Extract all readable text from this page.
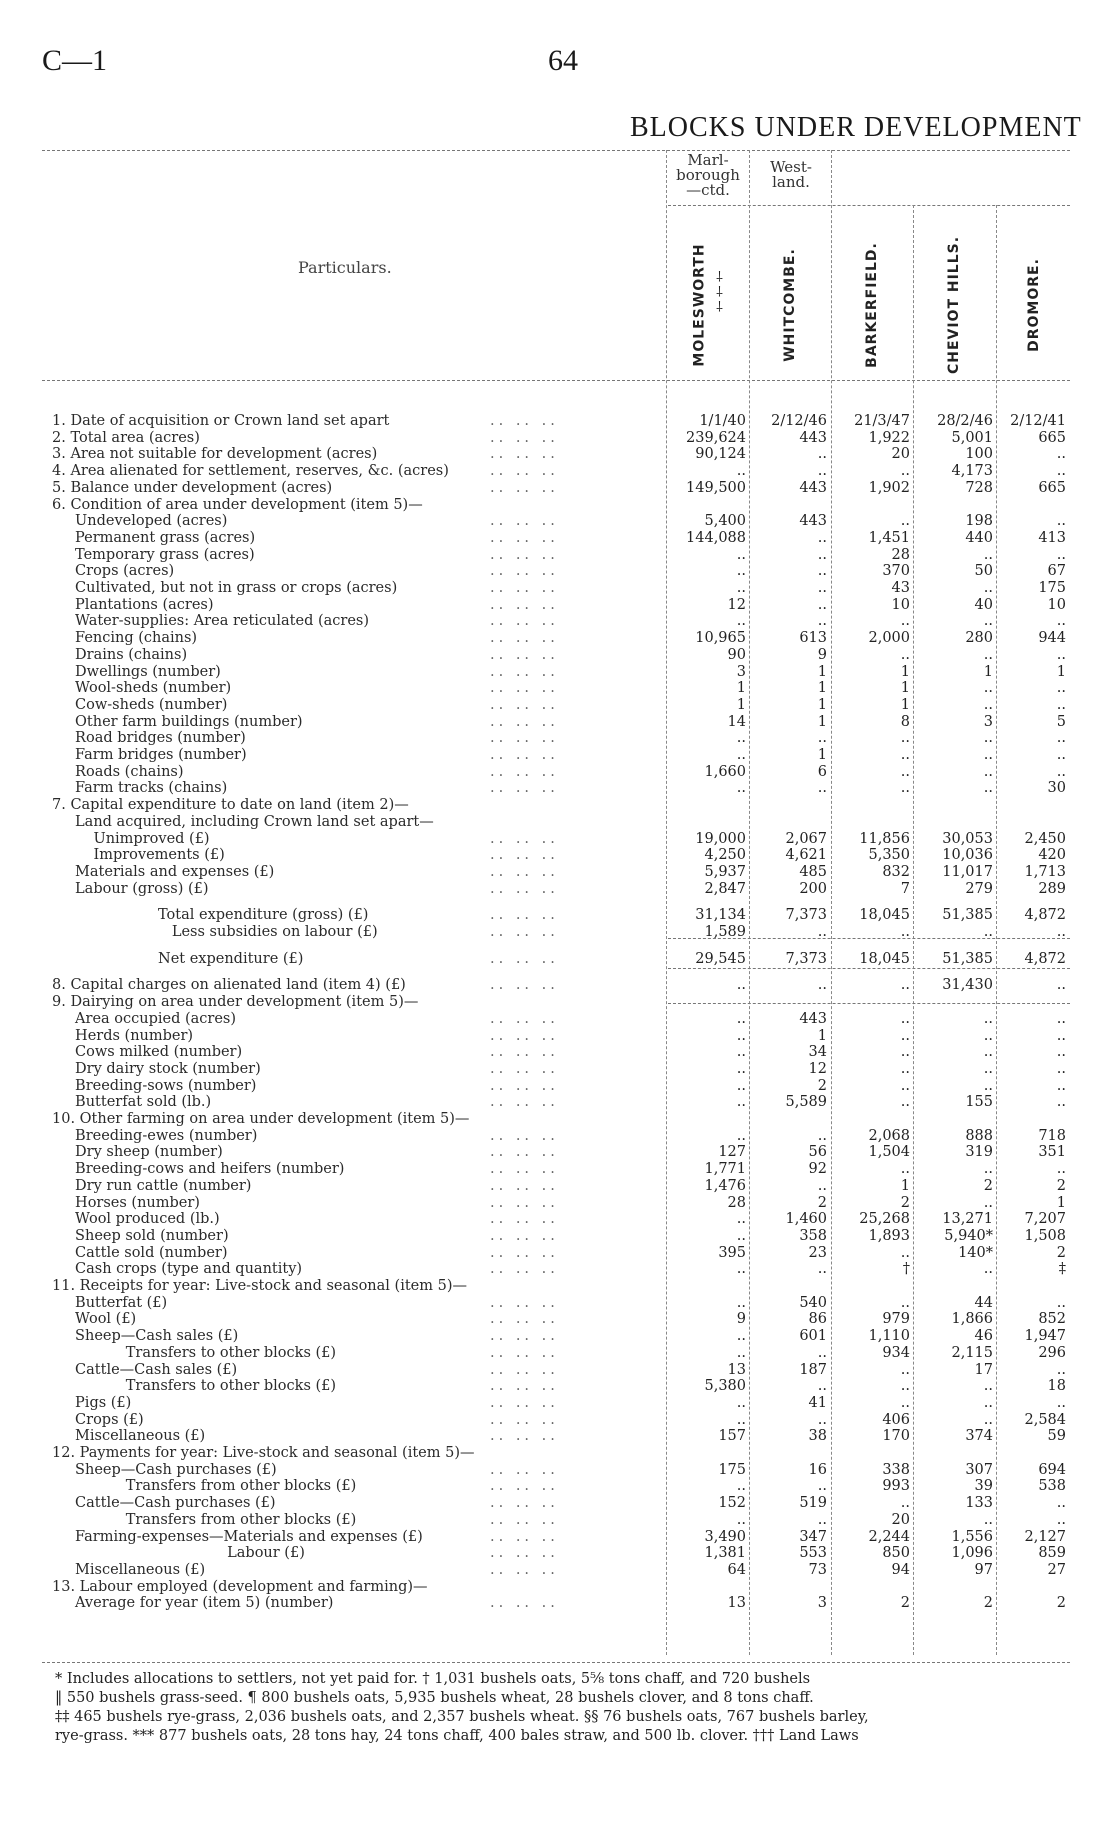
C—1	64
BLOCKS UNDER DEVELOPMENT
Marl-
borough
—ctd.
West-
land.
Particulars.	MOLESWORTH †††	WHITCOMBE.	BARKERFIELD.	CHEVIOT HILLS.	DROMORE.
1. Date of acquisition or Crown land set apart	.. .. ..	1/1/40	2/12/46	21/3/47	28/2/46	2/12/41
2. Total area (acres)	.. .. ..	239,624	443	1,922	5,001	665
3. Area not suitable for development (acres)	.. .. ..	90,124	..	20	100	..
4. Area alienated for settlement, reserves, &c. (acres)	.. .. ..	..	..	..	4,173	..
5. Balance under development (acres)	.. .. ..	149,500	443	1,902	728	665
6. Condition of area under development (item 5)—
Undeveloped (acres)	.. .. ..	5,400	443	..	198	..
Permanent grass (acres)	.. .. ..	144,088	..	1,451	440	413
Temporary grass (acres)	.. .. ..	..	..	28	..	..
Crops (acres)	.. .. ..	..	..	370	50	67
Cultivated, but not in grass or crops (acres)	.. .. ..	..	..	43	..	175
Plantations (acres)	.. .. ..	12	..	10	40	10
Water-supplies: Area reticulated (acres)	.. .. ..	..	..	..	..	..
Fencing (chains)	.. .. ..	10,965	613	2,000	280	944
Drains (chains)	.. .. ..	90	9	..	..	..
Dwellings (number)	.. .. ..	3	1	1	1	1
Wool-sheds (number)	.. .. ..	1	1	1	..	..
Cow-sheds (number)	.. .. ..	1	1	1	..	..
Other farm buildings (number)	.. .. ..	14	1	8	3	5
Road bridges (number)	.. .. ..	..	..	..	..	..
Farm bridges (number)	.. .. ..	..	1	..	..	..
Roads (chains)	.. .. ..	1,660	6	..	..	..
Farm tracks (chains)	.. .. ..	..	..	..	..	30
7. Capital expenditure to date on land (item 2)—
Land acquired, including Crown land set apart—
Unimproved (£)	.. .. ..	19,000	2,067	11,856	30,053	2,450
Improvements (£)	.. .. ..	4,250	4,621	5,350	10,036	420
Materials and expenses (£)	.. .. ..	5,937	485	832	11,017	1,713
Labour (gross) (£)	.. .. ..	2,847	200	7	279	289
Total expenditure (gross) (£)	.. .. ..	31,134	7,373	18,045	51,385	4,872
Less subsidies on labour (£)	.. .. ..	1,589	..	..	..	..
Net expenditure (£)	.. .. ..	29,545	7,373	18,045	51,385	4,872
8. Capital charges on alienated land (item 4) (£)	.. .. ..	..	..	..	31,430	..
9. Dairying on area under development (item 5)—
Area occupied (acres)	.. .. ..	..	443	..	..	..
Herds (number)	.. .. ..	..	1	..	..	..
Cows milked (number)	.. .. ..	..	34	..	..	..
Dry dairy stock (number)	.. .. ..	..	12	..	..	..
Breeding-sows (number)	.. .. ..	..	2	..	..	..
Butterfat sold (lb.)	.. .. ..	..	5,589	..	155	..
10. Other farming on area under development (item 5)—
Breeding-ewes (number)	.. .. ..	..	..	2,068	888	718
Dry sheep (number)	.. .. ..	127	56	1,504	319	351
Breeding-cows and heifers (number)	.. .. ..	1,771	92	..	..	..
Dry run cattle (number)	.. .. ..	1,476	..	1	2	2
Horses (number)	.. .. ..	28	2	2	..	1
Wool produced (lb.)	.. .. ..	..	1,460	25,268	13,271	7,207
Sheep sold (number)	.. .. ..	..	358	1,893	5,940*	1,508
Cattle sold (number)	.. .. ..	395	23	..	140*	2
Cash crops (type and quantity)	.. .. ..	..	..	†	..	‡
11. Receipts for year: Live-stock and seasonal (item 5)—
Butterfat (£)	.. .. ..	..	540	..	44	..
Wool (£)	.. .. ..	9	86	979	1,866	852
Sheep—Cash sales (£)	.. .. ..	..	601	1,110	46	1,947
Transfers to other blocks (£)	.. .. ..	..	..	934	2,115	296
Cattle—Cash sales (£)	.. .. ..	13	187	..	17	..
Transfers to other blocks (£)	.. .. ..	5,380	..	..	..	18
Pigs (£)	.. .. ..	..	41	..	..	..
Crops (£)	.. .. ..	..	..	406	..	2,584
Miscellaneous (£)	.. .. ..	157	38	170	374	59
12. Payments for year: Live-stock and seasonal (item 5)—
Sheep—Cash purchases (£)	.. .. ..	175	16	338	307	694
Transfers from other blocks (£)	.. .. ..	..	..	993	39	538
Cattle—Cash purchases (£)	.. .. ..	152	519	..	133	..
Transfers from other blocks (£)	.. .. ..	..	..	20	..	..
Farming-expenses—Materials and expenses (£)	.. .. ..	3,490	347	2,244	1,556	2,127
Labour (£)	.. .. ..	1,381	553	850	1,096	859
Miscellaneous (£)	.. .. ..	64	73	94	97	27
13. Labour employed (development and farming)—
Average for year (item 5) (number)	.. .. ..	13	3	2	2	2
* Includes allocations to settlers, not yet paid for. † 1,031 bushels oats, 5⅝ tons chaff, and 720 bushels
‖ 550 bushels grass-seed. ¶ 800 bushels oats, 5,935 bushels wheat, 28 bushels clover, and 8 tons chaff.
‡‡ 465 bushels rye-grass, 2,036 bushels oats, and 2,357 bushels wheat. §§ 76 bushels oats, 767 bushels barley,
rye-grass. *** 877 bushels oats, 28 tons hay, 24 tons chaff, 400 bales straw, and 500 lb. clover. ††† Land Laws
